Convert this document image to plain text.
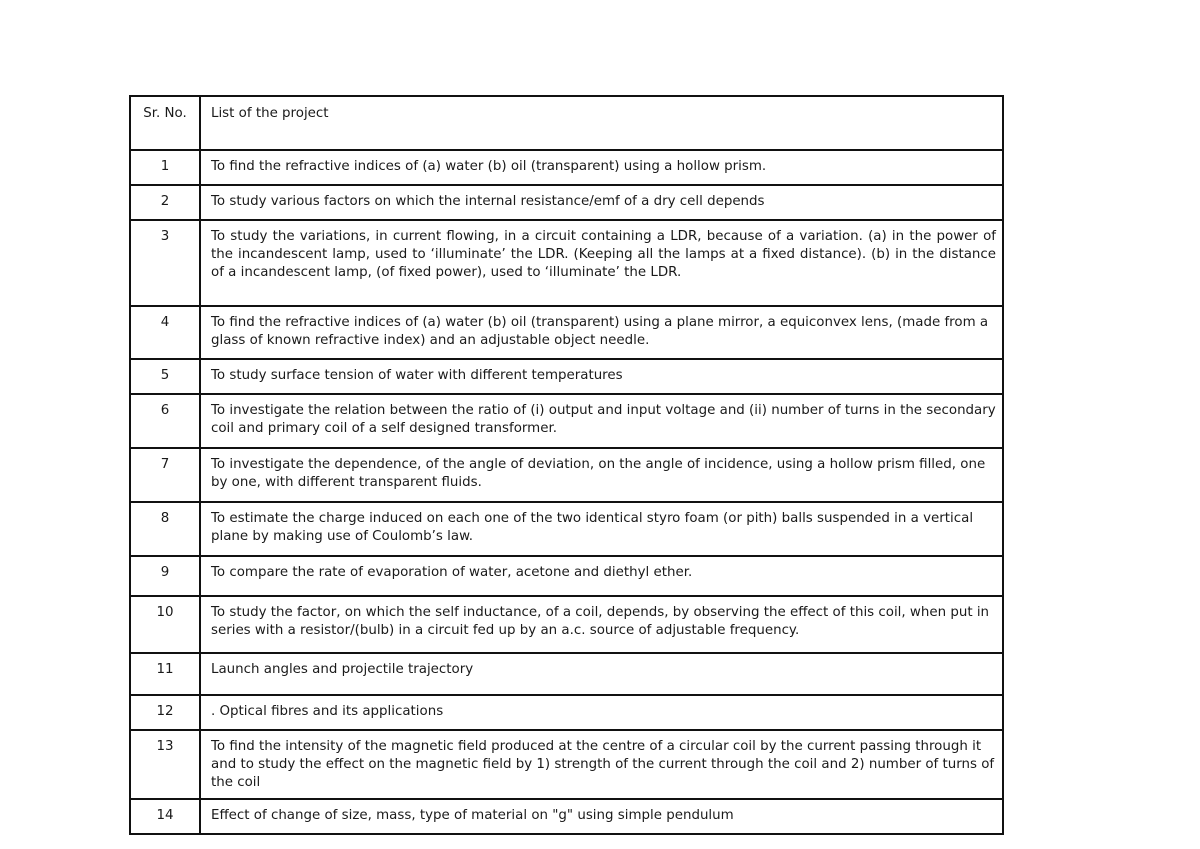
Sr. No.	List of the project
1	To find the refractive indices of (a) water (b) oil (transparent) using a hollow prism.
2	To study various factors on which the internal resistance/emf of a dry cell depends
3	To study the variations, in current flowing, in a circuit containing a LDR, because of a variation. (a) in the power of the incandescent lamp, used to ‘illuminate’ the LDR. (Keeping all the lamps at a fixed distance). (b) in the distance of a incandescent lamp, (of fixed power), used to ‘illuminate’ the LDR.
4	To find the refractive indices of (a) water (b) oil (transparent) using a plane mirror, a equiconvex lens, (made from a glass of known refractive index) and an adjustable object needle.
5	To study surface tension of water with different temperatures
6	To investigate the relation between the ratio of (i) output and input voltage and (ii) number of turns in the secondary coil and primary coil of a self designed transformer.
7	To investigate the dependence, of the angle of deviation, on the angle of incidence, using a hollow prism filled, one by one, with different transparent fluids.
8	To estimate the charge induced on each one of the two identical styro foam (or pith) balls suspended in a vertical plane by making use of Coulomb’s law.
9	To compare the rate of evaporation of water, acetone and diethyl ether.
10	To study the factor, on which the self inductance, of a coil, depends, by observing the effect of this coil, when put in series with a resistor/(bulb) in a circuit fed up by an a.c. source of adjustable frequency.
11	Launch angles and projectile trajectory
12	. Optical fibres and its applications
13	To find the intensity of the magnetic field produced at the centre of a circular coil by the current passing through it and to study the effect on the magnetic field by 1) strength of the current through the coil and 2) number of turns of the coil
14	Effect of change of size, mass, type of material on "g" using simple pendulum
